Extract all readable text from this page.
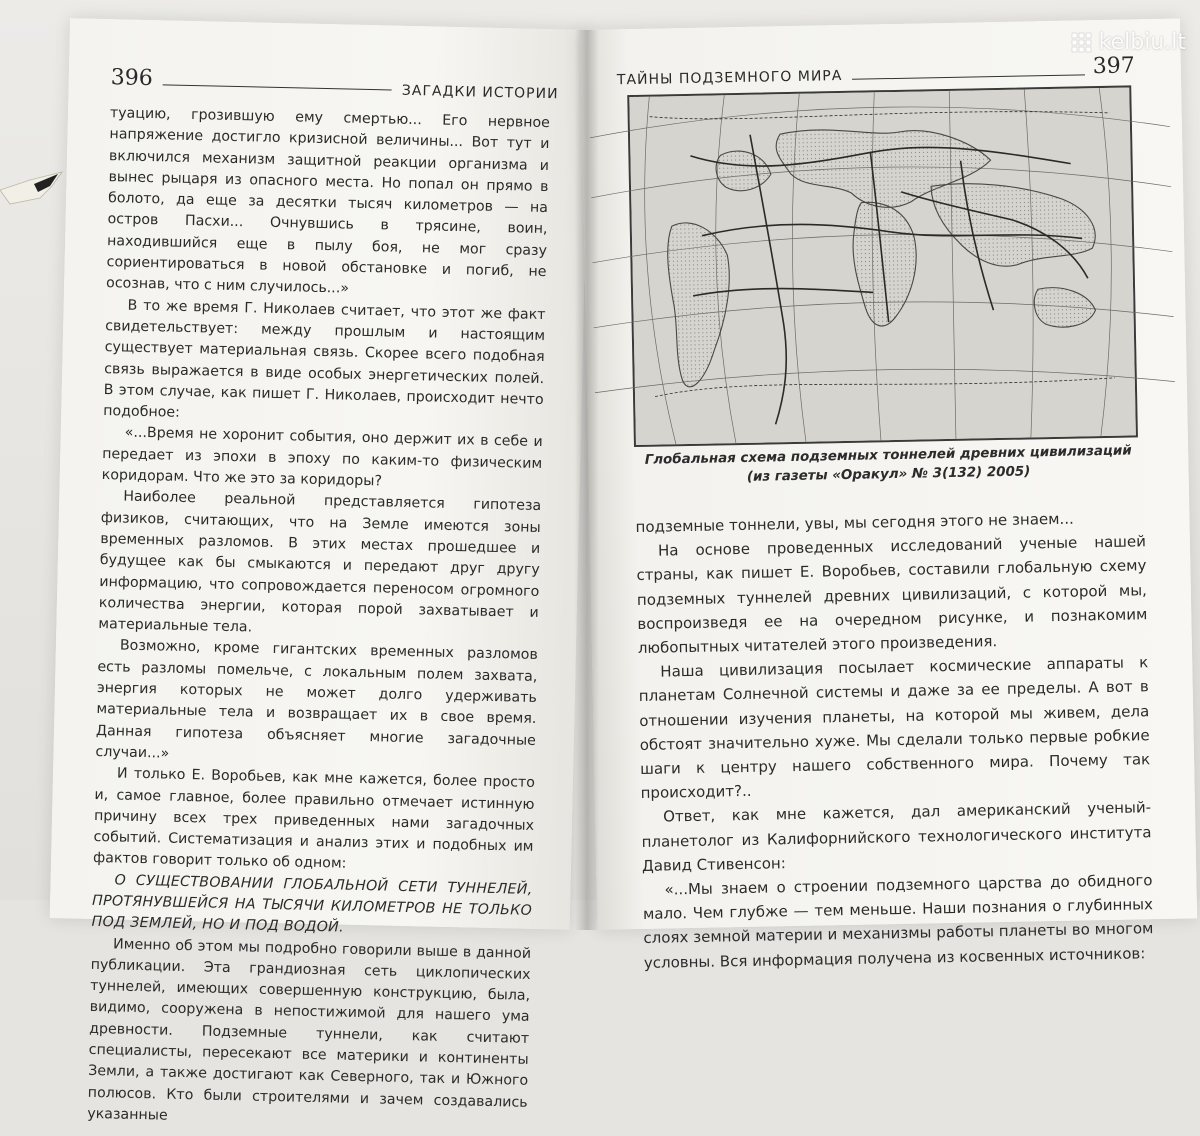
396
ЗАГАДКИ ИСТОРИИ

туацию, грозившую ему смертью... Его нервное напряжение достигло кризисной величины... Вот тут и включился механизм защитной реакции организма и вынес рыцаря из опасного места. Но попал он прямо в болото, да еще за десятки тысяч километров — на остров Пасхи... Очнувшись в трясине, воин, находившийся еще в пылу боя, не мог сразу сориентироваться в новой обстановке и погиб, не осознав, что с ним случилось...»

В то же время Г. Николаев считает, что этот же факт свидетельствует: между прошлым и настоящим существует материальная связь. Скорее всего подобная связь выражается в виде особых энергетических полей. В этом случае, как пишет Г. Николаев, происходит нечто подобное:

«...Время не хоронит события, оно держит их в себе и передает из эпохи в эпоху по каким-то физическим коридорам. Что же это за коридоры?

Наиболее реальной представляется гипотеза физиков, считающих, что на Земле имеются зоны временных разломов. В этих местах прошедшее и будущее как бы смыкаются и передают друг другу информацию, что сопровождается переносом огромного количества энергии, которая порой захватывает и материальные тела.

Возможно, кроме гигантских временных разломов есть разломы помельче, с локальным полем захвата, энергия которых не может долго удерживать материальные тела и возвращает их в свое время. Данная гипотеза объясняет многие загадочные случаи...»

И только Е. Воробьев, как мне кажется, более просто и, самое главное, более правильно отмечает истинную причину всех трех приведенных нами загадочных событий. Систематизация и анализ этих и подобных им фактов говорит только об одном:

О СУЩЕСТВОВАНИИ ГЛОБАЛЬНОЙ СЕТИ ТУННЕЛЕЙ, ПРОТЯНУВШЕЙСЯ НА ТЫСЯЧИ КИЛОМЕТРОВ НЕ ТОЛЬКО ПОД ЗЕМЛЕЙ, НО И ПОД ВОДОЙ.

Именно об этом мы подробно говорили выше в данной публикации. Эта грандиозная сеть циклопических туннелей, имеющих совершенную конструкцию, была, видимо, сооружена в непостижимой для нашего ума древности. Подземные туннели, как считают специалисты, пересекают все материки и континенты Земли, а также достигают как Северного, так и Южного полюсов. Кто были строителями и зачем создавались указанные

ТАЙНЫ ПОДЗЕМНОГО МИРА	397
Глобальная схема подземных тоннелей древних цивилизаций
(из газеты «Оракул» № 3(132) 2005)

подземные тоннели, увы, мы сегодня этого не знаем...

На основе проведенных исследований ученые нашей страны, как пишет Е. Воробьев, составили глобальную схему подземных туннелей древних цивилизаций, с которой мы, воспроизведя ее на очередном рисунке, и познакомим любопытных читателей этого произведения.

Наша цивилизация посылает космические аппараты к планетам Солнечной системы и даже за ее пределы. А вот в отношении изучения планеты, на которой мы живем, дела обстоят значительно хуже. Мы сделали только первые робкие шаги к центру нашего собственного мира. Почему так происходит?..

Ответ, как мне кажется, дал американский ученый-планетолог из Калифорнийского технологического института Давид Стивенсон:

«...Мы знаем о строении подземного царства до обидного мало. Чем глубже — тем меньше. Наши познания о глубинных слоях земной материи и механизмы работы планеты во многом условны. Вся информация получена из косвенных источников:

kelbiu.lt
